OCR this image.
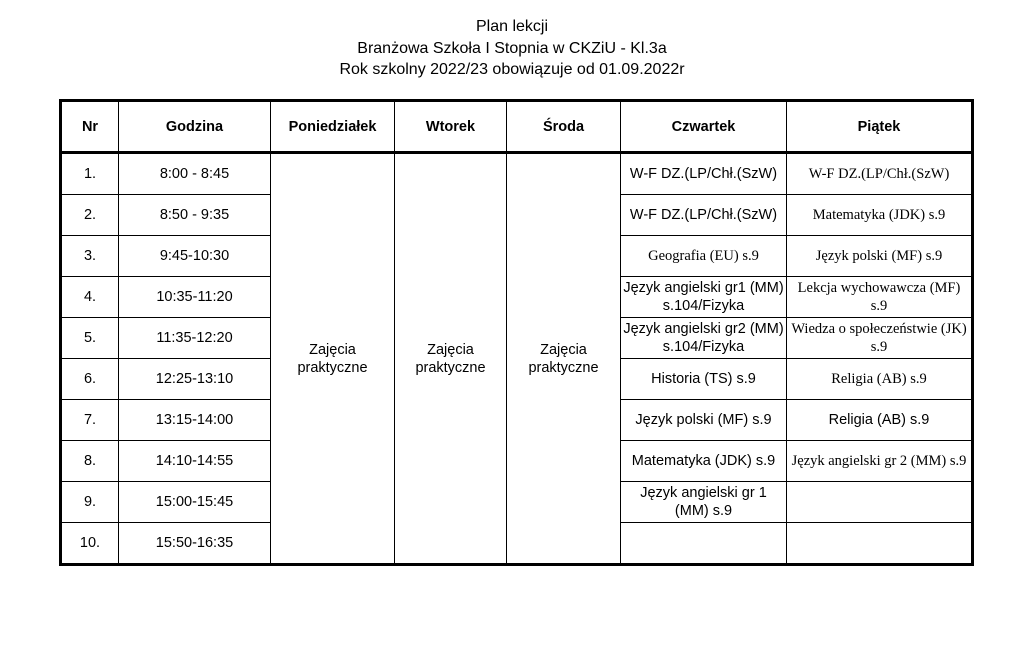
Plan lekcji
Branżowa Szkoła I Stopnia w CKZiU - Kl.3a
Rok szkolny 2022/23 obowiązuje od 01.09.2022r
Nr	Godzina	Poniedziałek	Wtorek	Środa	Czwartek	Piątek
1.	8:00 - 8:45	Zajęcia praktyczne	Zajęcia praktyczne	Zajęcia praktyczne	W-F DZ.(LP/Chł.(SzW)	W-F DZ.(LP/Chł.(SzW)
2.	8:50 - 9:35				W-F DZ.(LP/Chł.(SzW)	Matematyka (JDK) s.9
3.	9:45-10:30				Geografia (EU) s.9	Język polski (MF) s.9
4.	10:35-11:20				Język angielski gr1 (MM) s.104/Fizyka	Lekcja wychowawcza (MF) s.9
5.	11:35-12:20				Język angielski gr2 (MM) s.104/Fizyka	Wiedza o społeczeństwie (JK) s.9
6.	12:25-13:10				Historia (TS) s.9	Religia (AB) s.9
7.	13:15-14:00				Język polski (MF) s.9	Religia (AB) s.9
8.	14:10-14:55				Matematyka (JDK) s.9	Język angielski gr 2 (MM) s.9
9.	15:00-15:45				Język angielski gr 1 (MM) s.9	
10.	15:50-16:35					
